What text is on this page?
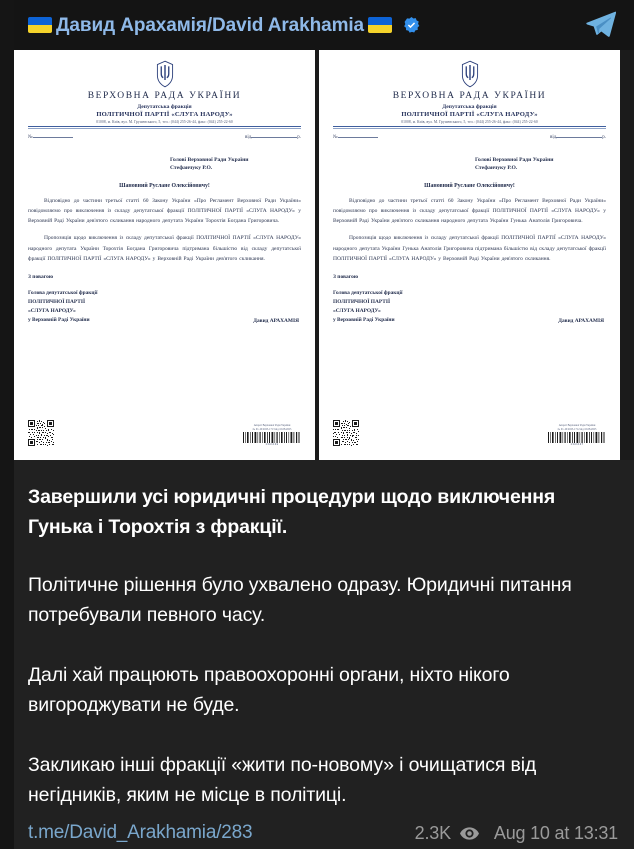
Давид Арахамія/David Arakhamia
ВЕРХОВНА РАДА УКРАЇНИ
Депутатська фракція
ПОЛІТИЧНОЇ ПАРТІЇ «СЛУГА НАРОДУ»
01008, м. Київ, вул. М. Грушевського, 5, тел.: (044) 255-26-44, факс: (044) 255-22-60
№	від	р.
Голові Верховної Ради України
Стефанчуку Р.О.
Шановний Руслане Олексійовичу!
Відповідно до частини третьої статті 60 Закону України «Про Регламент Верховної Ради України» повідомляємо про виключення із складу депутатської фракції ПОЛІТИЧНОЇ ПАРТІЇ «СЛУГА НАРОДУ» у Верховній Раді України дев'ятого скликання народного депутата України Торохтія Богдана Григоровича.
Пропозиція щодо виключення із складу депутатської фракції ПОЛІТИЧНОЇ ПАРТІЇ «СЛУГА НАРОДУ» народного депутата України Торохтія Богдана Григоровича підтримана більшістю від складу депутатської фракції ПОЛІТИЧНОЇ ПАРТІЇ «СЛУГА НАРОДУ» у Верховній Раді України дев'ятого скликання.
З повагою
Голова депутатської фракції
ПОЛІТИЧНОЇ ПАРТІЇ
«СЛУГА НАРОДУ»
у Верховній Раді України	Давид АРАХАМІЯ
Апарат Верховної Ради України
№ 01-10/2025-1713 від 10.08.2025
1381198
ВЕРХОВНА РАДА УКРАЇНИ
Депутатська фракція
ПОЛІТИЧНОЇ ПАРТІЇ «СЛУГА НАРОДУ»
01008, м. Київ, вул. М. Грушевського, 5, тел.: (044) 255-26-44, факс: (044) 255-22-60
№	від	р.
Голові Верховної Ради України
Стефанчуку Р.О.
Шановний Руслане Олексійовичу!
Відповідно до частини третьої статті 60 Закону України «Про Регламент Верховної Ради України» повідомляємо про виключення із складу депутатської фракції ПОЛІТИЧНОЇ ПАРТІЇ «СЛУГА НАРОДУ» у Верховній Раді України дев'ятого скликання народного депутата України Гунька Анатолія Григоровича.
Пропозиція щодо виключення із складу депутатської фракції ПОЛІТИЧНОЇ ПАРТІЇ «СЛУГА НАРОДУ» народного депутата України Гунька Анатолія Григоровича підтримана більшістю від складу депутатської фракції ПОЛІТИЧНОЇ ПАРТІЇ «СЛУГА НАРОДУ» у Верховній Раді України дев'ятого скликання.
З повагою
Голова депутатської фракції
ПОЛІТИЧНОЇ ПАРТІЇ
«СЛУГА НАРОДУ»
у Верховній Раді України	Давид АРАХАМІЯ
Апарат Верховної Ради України
№ 01-10/2025-1712 від 10.08.2025
1381197
Завершили усі юридичні процедури щодо виключення Гунька і Торохтія з фракції.
Політичне рішення було ухвалено одразу. Юридичні питання потребували певного часу.
Далі хай працюють правоохоронні органи, ніхто нікого вигороджувати не буде.
Закликаю інші фракції «жити по-новому» і очищатися від негідників, яким не місце в політиці.
t.me/David_Arakhamia/283	2.3K Aug 10 at 13:31
